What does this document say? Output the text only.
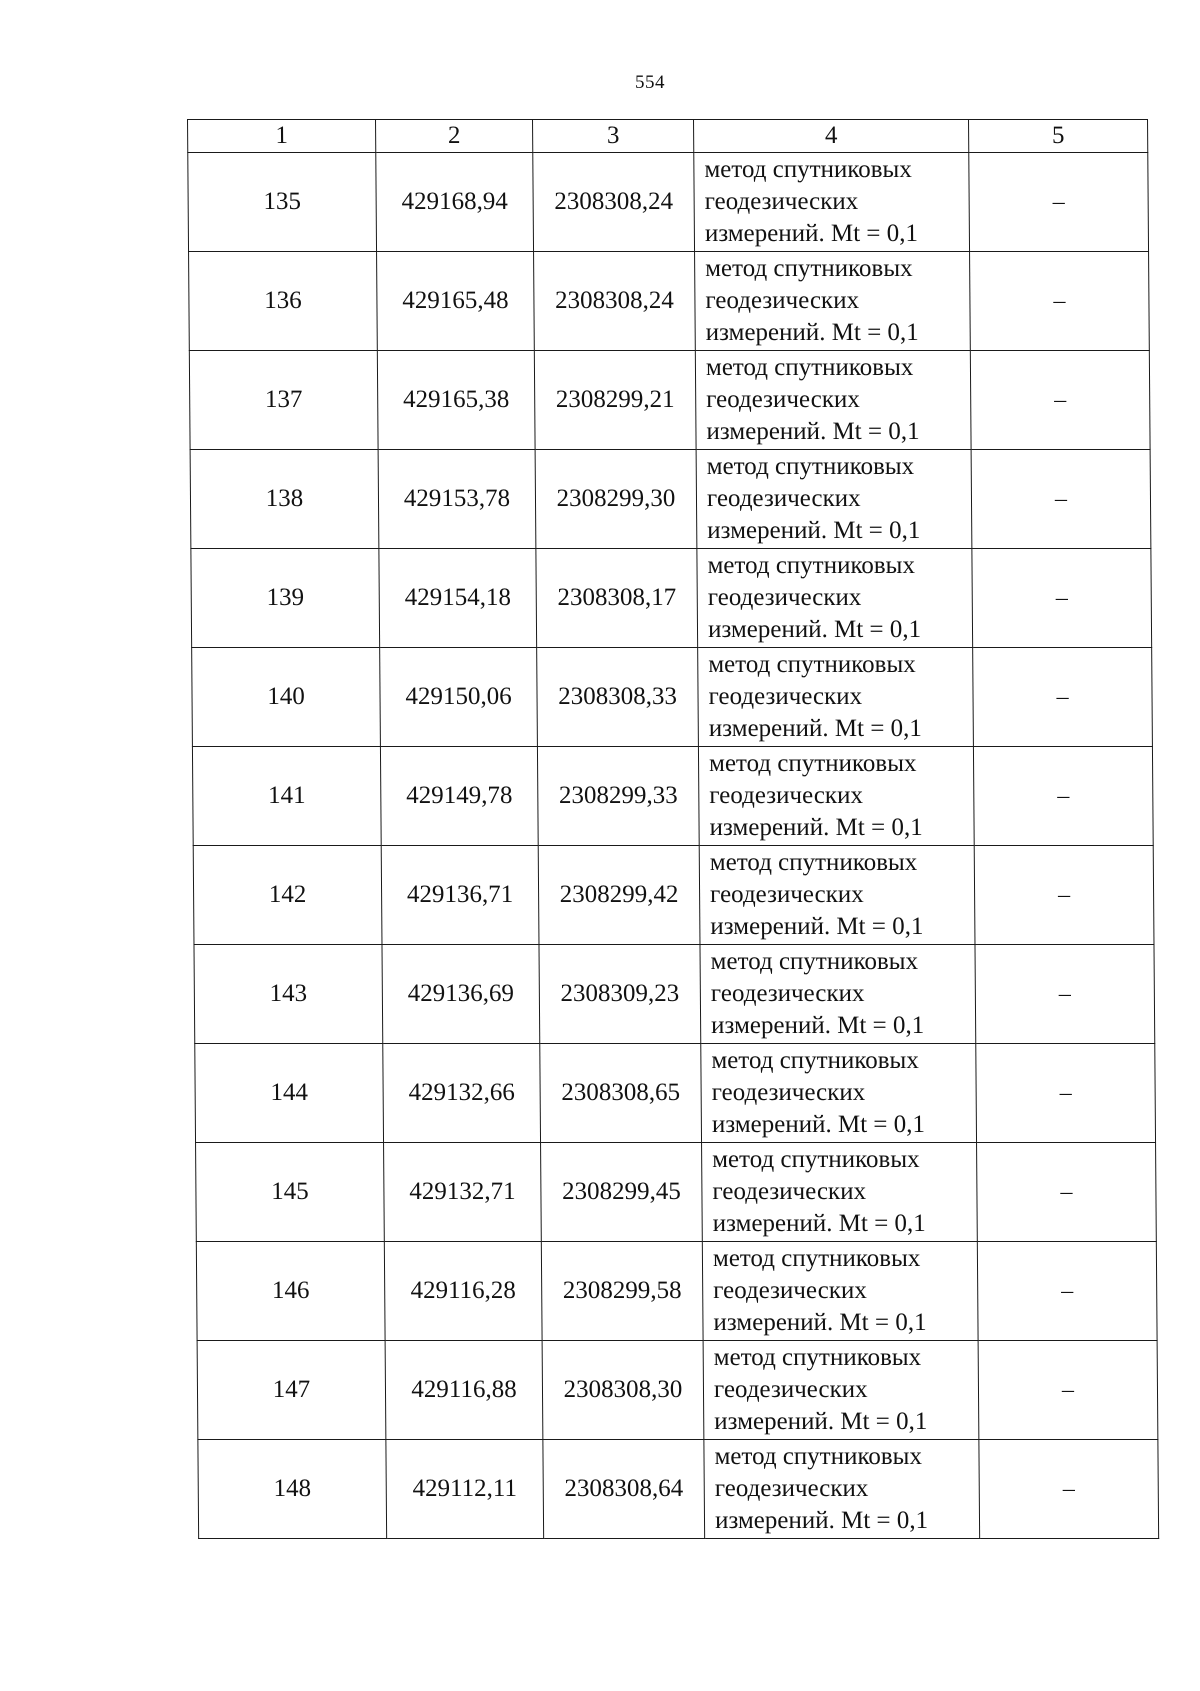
554
1	2	3	4	5
135	429168,94	2308308,24	метод спутниковых
геодезических
измерений. Mt = 0,1	–
136	429165,48	2308308,24	метод спутниковых
геодезических
измерений. Mt = 0,1	–
137	429165,38	2308299,21	метод спутниковых
геодезических
измерений. Mt = 0,1	–
138	429153,78	2308299,30	метод спутниковых
геодезических
измерений. Mt = 0,1	–
139	429154,18	2308308,17	метод спутниковых
геодезических
измерений. Mt = 0,1	–
140	429150,06	2308308,33	метод спутниковых
геодезических
измерений. Mt = 0,1	–
141	429149,78	2308299,33	метод спутниковых
геодезических
измерений. Mt = 0,1	–
142	429136,71	2308299,42	метод спутниковых
геодезических
измерений. Mt = 0,1	–
143	429136,69	2308309,23	метод спутниковых
геодезических
измерений. Mt = 0,1	–
144	429132,66	2308308,65	метод спутниковых
геодезических
измерений. Mt = 0,1	–
145	429132,71	2308299,45	метод спутниковых
геодезических
измерений. Mt = 0,1	–
146	429116,28	2308299,58	метод спутниковых
геодезических
измерений. Mt = 0,1	–
147	429116,88	2308308,30	метод спутниковых
геодезических
измерений. Mt = 0,1	–
148	429112,11	2308308,64	метод спутниковых
геодезических
измерений. Mt = 0,1	–
